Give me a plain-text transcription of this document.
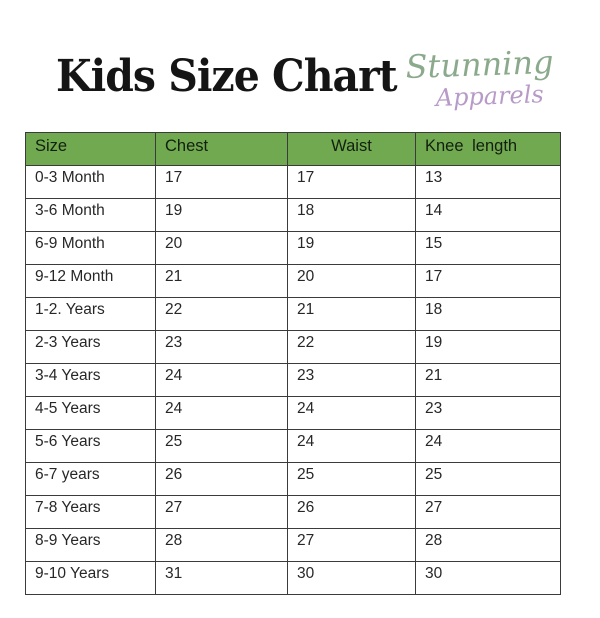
Kids Size Chart Stunning
Apparels
Size	Chest	Waist	Knee length
0-3 Month	17	17	13
3-6 Month	19	18	14
6-9 Month	20	19	15
9-12 Month	21	20	17
1-2. Years	22	21	18
2-3 Years	23	22	19
3-4 Years	24	23	21
4-5 Years	24	24	23
5-6 Years	25	24	24
6-7 years	26	25	25
7-8 Years	27	26	27
8-9 Years	28	27	28
9-10 Years	31	30	30
